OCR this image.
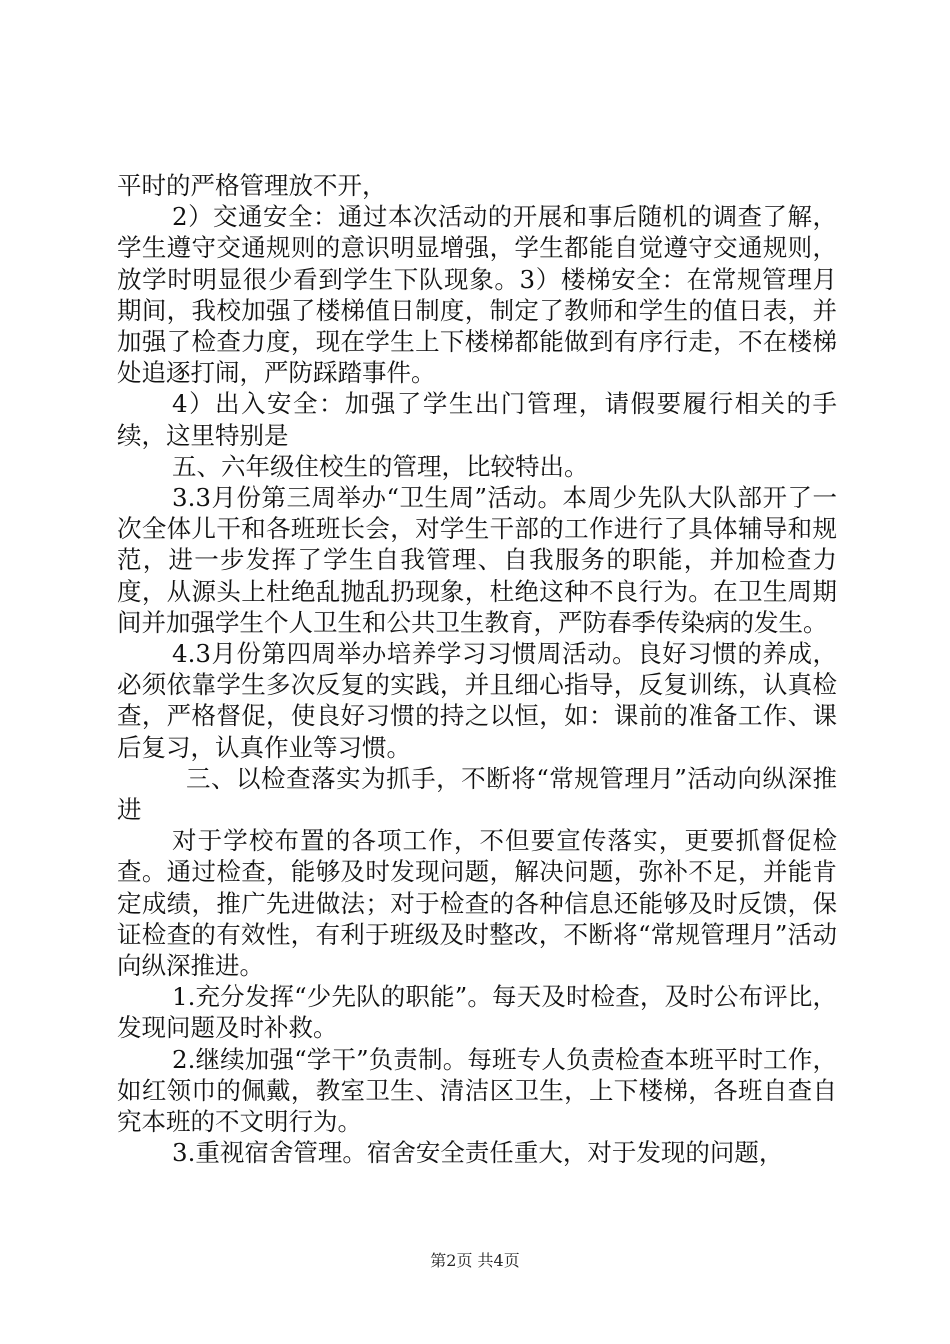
平时的严格管理放不开，

2）交通安全：通过本次活动的开展和事后随机的调查了解，学生遵守交通规则的意识明显增强，学生都能自觉遵守交通规则，放学时明显很少看到学生下队现象。3）楼梯安全：在常规管理月期间，我校加强了楼梯值日制度，制定了教师和学生的值日表，并加强了检查力度，现在学生上下楼梯都能做到有序行走，不在楼梯处追逐打闹，严防踩踏事件。

4）出入安全：加强了学生出门管理，请假要履行相关的手续，这里特别是

五、六年级住校生的管理，比较特出。

3.3月份第三周举办“卫生周”活动。本周少先队大队部开了一次全体儿干和各班班长会，对学生干部的工作进行了具体辅导和规范，进一步发挥了学生自我管理、自我服务的职能，并加检查力度，从源头上杜绝乱抛乱扔现象，杜绝这种不良行为。在卫生周期间并加强学生个人卫生和公共卫生教育，严防春季传染病的发生。

4.3月份第四周举办培养学习习惯周活动。良好习惯的养成，必须依靠学生多次反复的实践，并且细心指导，反复训练，认真检查，严格督促，使良好习惯的持之以恒，如：课前的准备工作、课后复习，认真作业等习惯。

三、以检查落实为抓手，不断将“常规管理月”活动向纵深推进

对于学校布置的各项工作，不但要宣传落实，更要抓督促检查。通过检查，能够及时发现问题，解决问题，弥补不足，并能肯定成绩，推广先进做法；对于检查的各种信息还能够及时反馈，保证检查的有效性，有利于班级及时整改，不断将“常规管理月”活动向纵深推进。

1.充分发挥“少先队的职能”。每天及时检查，及时公布评比，发现问题及时补救。

2.继续加强“学干”负责制。每班专人负责检查本班平时工作，如红领巾的佩戴，教室卫生、清洁区卫生，上下楼梯，各班自查自究本班的不文明行为。

3.重视宿舍管理。宿舍安全责任重大，对于发现的问题，

第2页 共4页
